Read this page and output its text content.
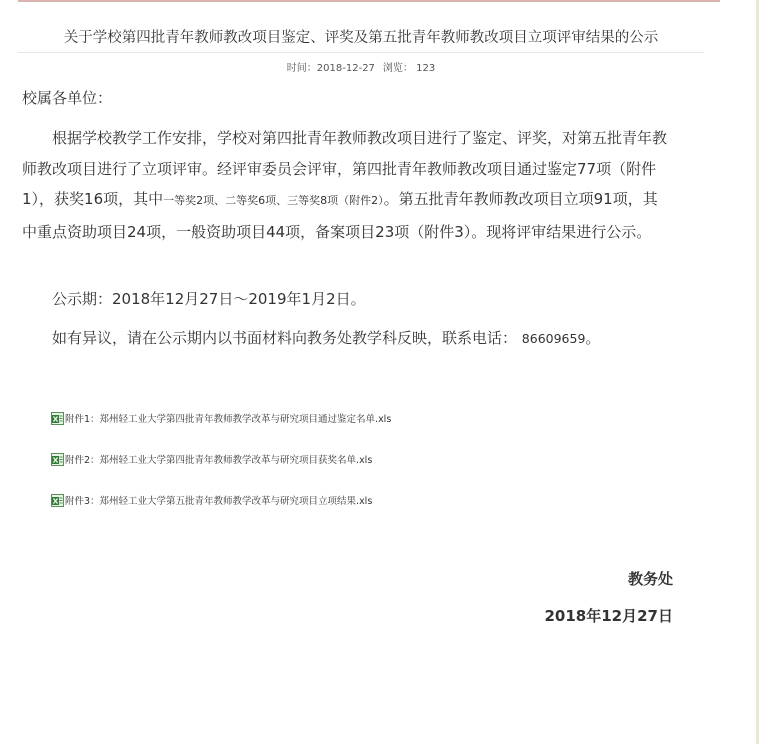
关于学校第四批青年教师教改项目鉴定、评奖及第五批青年教师教改项目立项评审结果的公示
时间：2018-12-27 浏览： 123
校属各单位：
根据学校教学工作安排，学校对第四批青年教师教改项目进行了鉴定、评奖，对第五批青年教师教改项目进行了立项评审。经评审委员会评审，第四批青年教师教改项目通过鉴定77项（附件1），获奖16项，其中一等奖2项、二等奖6项、三等奖8项（附件2）。第五批青年教师教改项目立项91项，其中重点资助项目24项，一般资助项目44项，备案项目23项（附件3）。现将评审结果进行公示。
公示期：2018年12月27日～2019年1月2日。
如有异议，请在公示期内以书面材料向教务处教学科反映，联系电话： 86609659。
附件1：郑州轻工业大学第四批青年教师教学改革与研究项目通过鉴定名单.xls
附件2：郑州轻工业大学第四批青年教师教学改革与研究项目获奖名单.xls
附件3：郑州轻工业大学第五批青年教师教学改革与研究项目立项结果.xls
教务处
2018年12月27日
